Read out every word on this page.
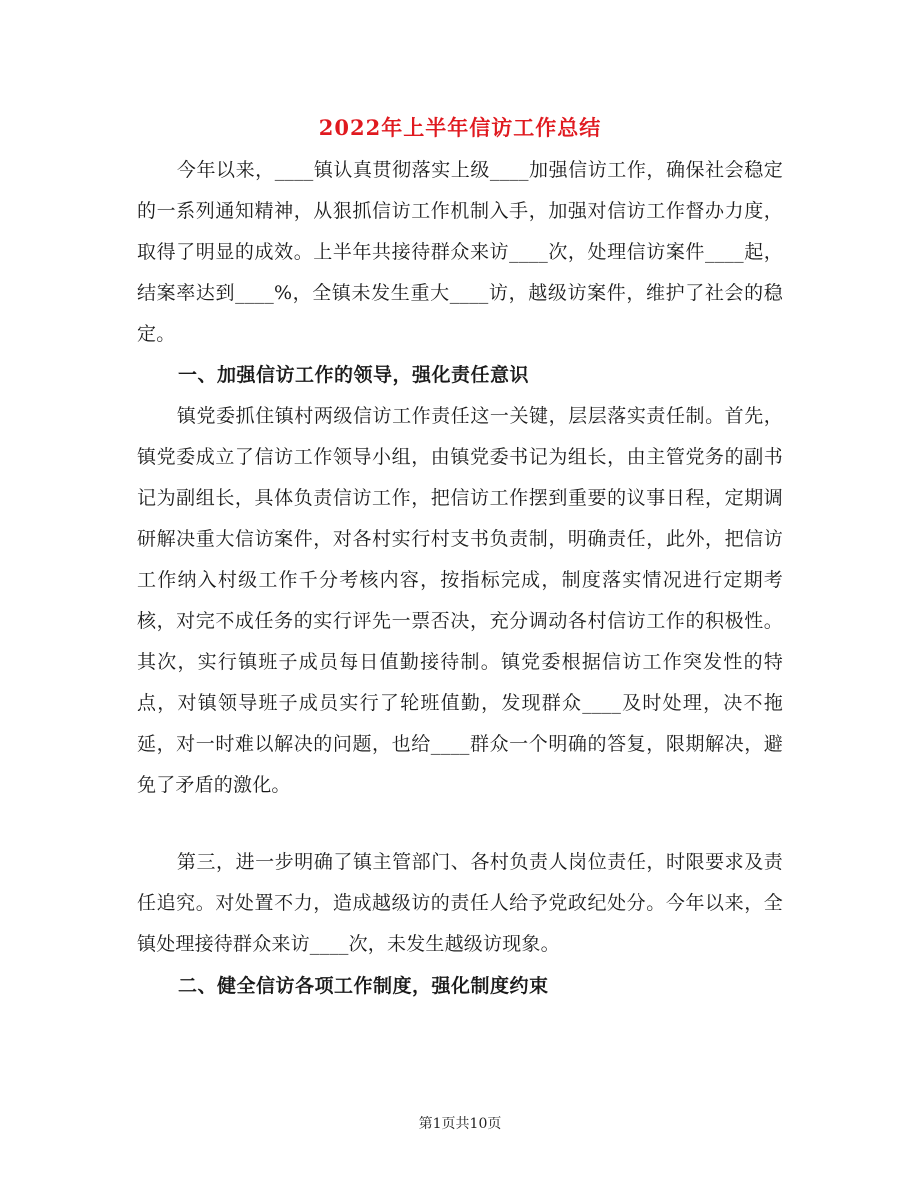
2022年上半年信访工作总结
今年以来，____镇认真贯彻落实上级____加强信访工作，确保社会稳定的一系列通知精神，从狠抓信访工作机制入手，加强对信访工作督办力度，取得了明显的成效。上半年共接待群众来访____次，处理信访案件____起，结案率达到____%，全镇未发生重大____访，越级访案件，维护了社会的稳定。
一、加强信访工作的领导，强化责任意识
镇党委抓住镇村两级信访工作责任这一关键，层层落实责任制。首先，镇党委成立了信访工作领导小组，由镇党委书记为组长，由主管党务的副书记为副组长，具体负责信访工作，把信访工作摆到重要的议事日程，定期调研解决重大信访案件，对各村实行村支书负责制，明确责任，此外，把信访工作纳入村级工作千分考核内容，按指标完成，制度落实情况进行定期考核，对完不成任务的实行评先一票否决，充分调动各村信访工作的积极性。其次，实行镇班子成员每日值勤接待制。镇党委根据信访工作突发性的特点，对镇领导班子成员实行了轮班值勤，发现群众____及时处理，决不拖延，对一时难以解决的问题，也给____群众一个明确的答复，限期解决，避免了矛盾的激化。
第三，进一步明确了镇主管部门、各村负责人岗位责任，时限要求及责任追究。对处置不力，造成越级访的责任人给予党政纪处分。今年以来，全镇处理接待群众来访____次，未发生越级访现象。
二、健全信访各项工作制度，强化制度约束
第1页共10页
